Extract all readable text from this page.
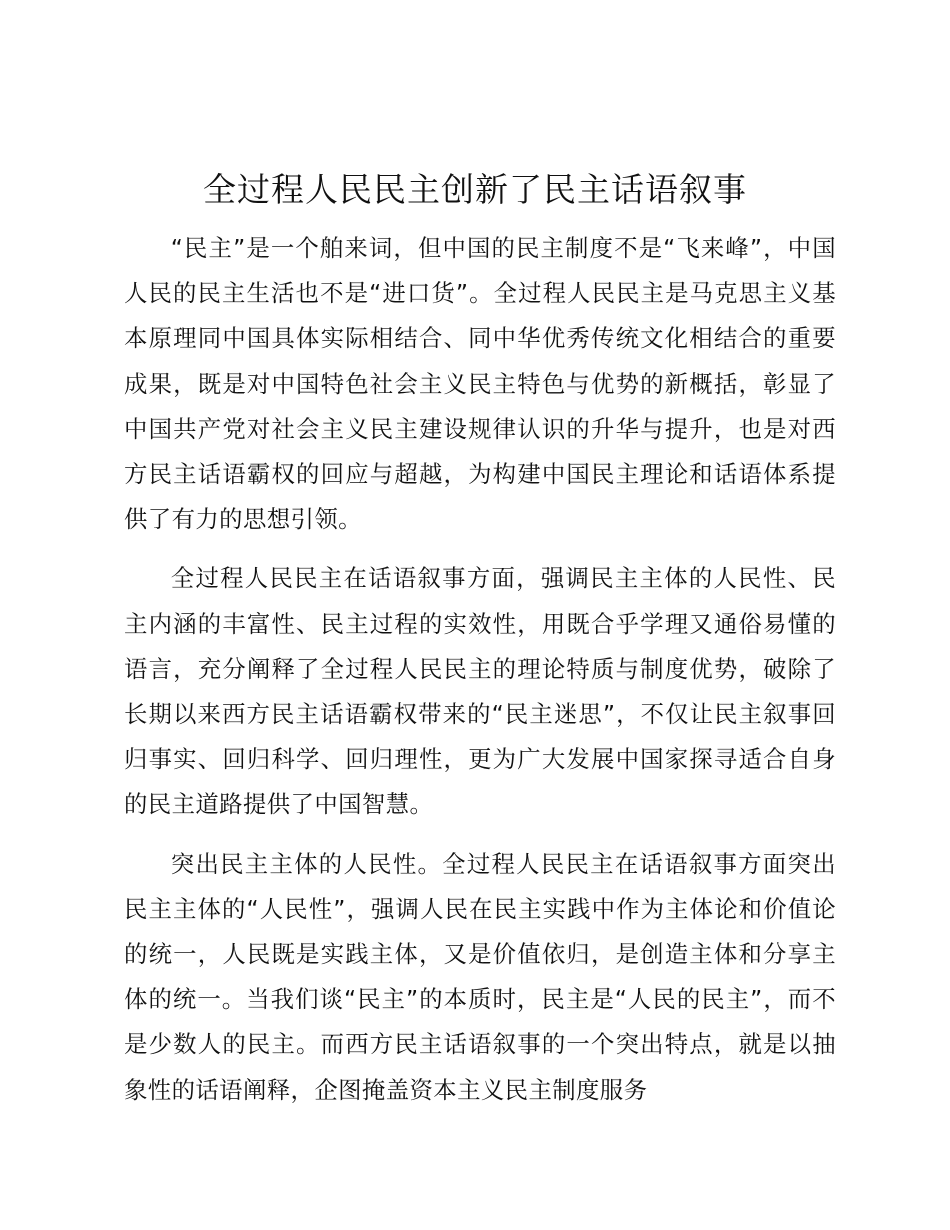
全过程人民民主创新了民主话语叙事

“民主”是一个舶来词，但中国的民主制度不是“飞来峰”，中国人民的民主生活也不是“进口货”。全过程人民民主是马克思主义基本原理同中国具体实际相结合、同中华优秀传统文化相结合的重要成果，既是对中国特色社会主义民主特色与优势的新概括，彰显了中国共产党对社会主义民主建设规律认识的升华与提升，也是对西方民主话语霸权的回应与超越，为构建中国民主理论和话语体系提供了有力的思想引领。

全过程人民民主在话语叙事方面，强调民主主体的人民性、民主内涵的丰富性、民主过程的实效性，用既合乎学理又通俗易懂的语言，充分阐释了全过程人民民主的理论特质与制度优势，破除了长期以来西方民主话语霸权带来的“民主迷思”，不仅让民主叙事回归事实、回归科学、回归理性，更为广大发展中国家探寻适合自身的民主道路提供了中国智慧。

突出民主主体的人民性。全过程人民民主在话语叙事方面突出民主主体的“人民性”，强调人民在民主实践中作为主体论和价值论的统一，人民既是实践主体，又是价值依归，是创造主体和分享主体的统一。当我们谈“民主”的本质时，民主是“人民的民主”，而不是少数人的民主。而西方民主话语叙事的一个突出特点，就是以抽象性的话语阐释，企图掩盖资本主义民主制度服务
